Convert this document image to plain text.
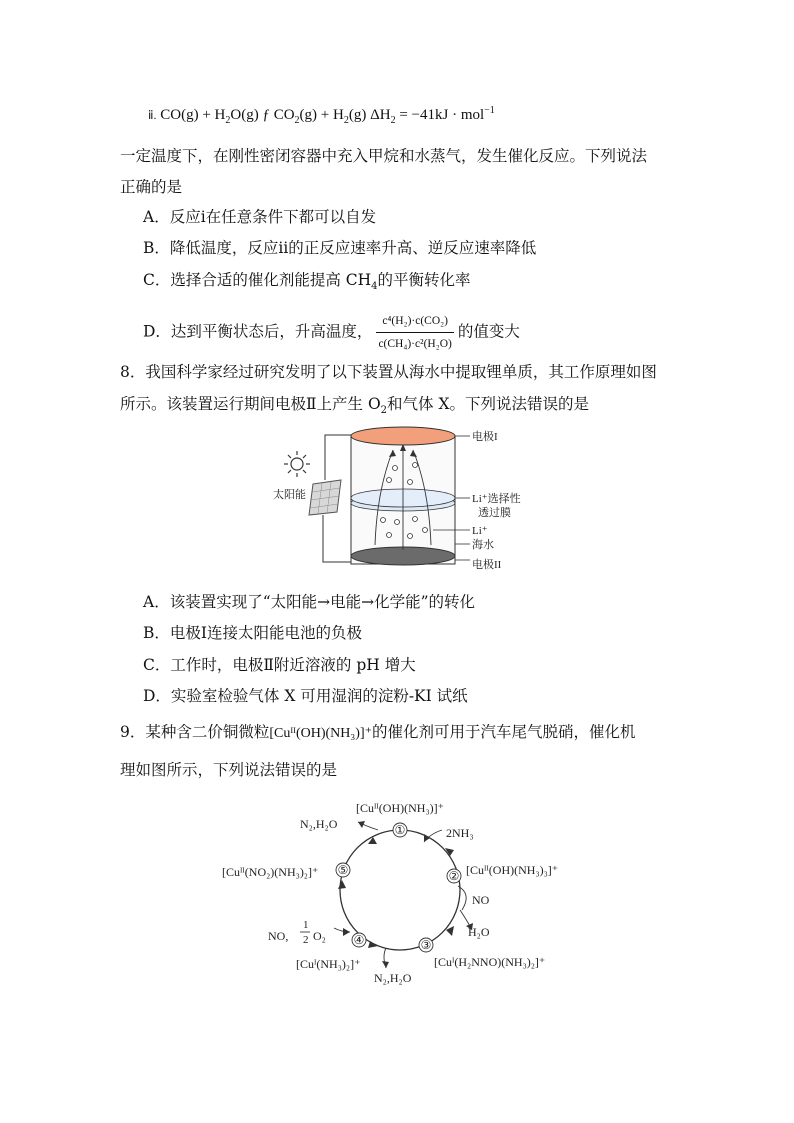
ⅱ. $CO(g) + H_2O(g)$ ƒ $CO_2(g) + H_2(g) \Delta H_2 = -41kJ \cdot mol^{-1}$
一定温度下，在刚性密闭容器中充入甲烷和水蒸气，发生催化反应。下列说法
正确的是
A．反应ⅰ在任意条件下都可以自发
B．降低温度，反应ⅱ的正反应速率升高、逆反应速率降低
C．选择合适的催化剂能提高 $CH_4$的平衡转化率
D．达到平衡状态后，升高温度， $\frac{\text{c⁴(H₂)·c(CO₂)}}{\text{c(CH₄)·c²(H₂O)}}$ 的值变大
8．我国科学家经过研究发明了以下装置从海水中提取锂单质，其工作原理如图
所示。该装置运行期间电极Ⅱ上产生 $O_2$和气体 X。下列说法错误的是
太阳能
电极I
Li⁺选择性
透过膜
Li⁺
海水
电极II
A．该装置实现了“太阳能→电能→化学能”的转化
B．电极Ⅰ连接太阳能电池的负极
C．工作时，电极Ⅱ附近溶液的 pH 增大
D．实验室检验气体 X 可用湿润的淀粉-KI 试纸
9．某种含二价铜微粒[Cuᴵᴵ(OH)(NH₃)]⁺的催化剂可用于汽车尾气脱硝，催化机
理如图所示，下列说法错误的是
①
②
③
④
⑤
[Cuᴵᴵ(OH)(NH₃)]⁺
[Cuᴵᴵ(OH)(NH₃)₃]⁺
[Cuᴵ(H₂NNO)(NH₃)₂]⁺
[Cuᴵ(NH₃)₂]⁺
[Cuᴵᴵ(NO₂)(NH₃)₂]⁺
2NH₃
NO
H₂O
N₂,H₂O
NO,
1
2 O₂
N₂,H₂O
